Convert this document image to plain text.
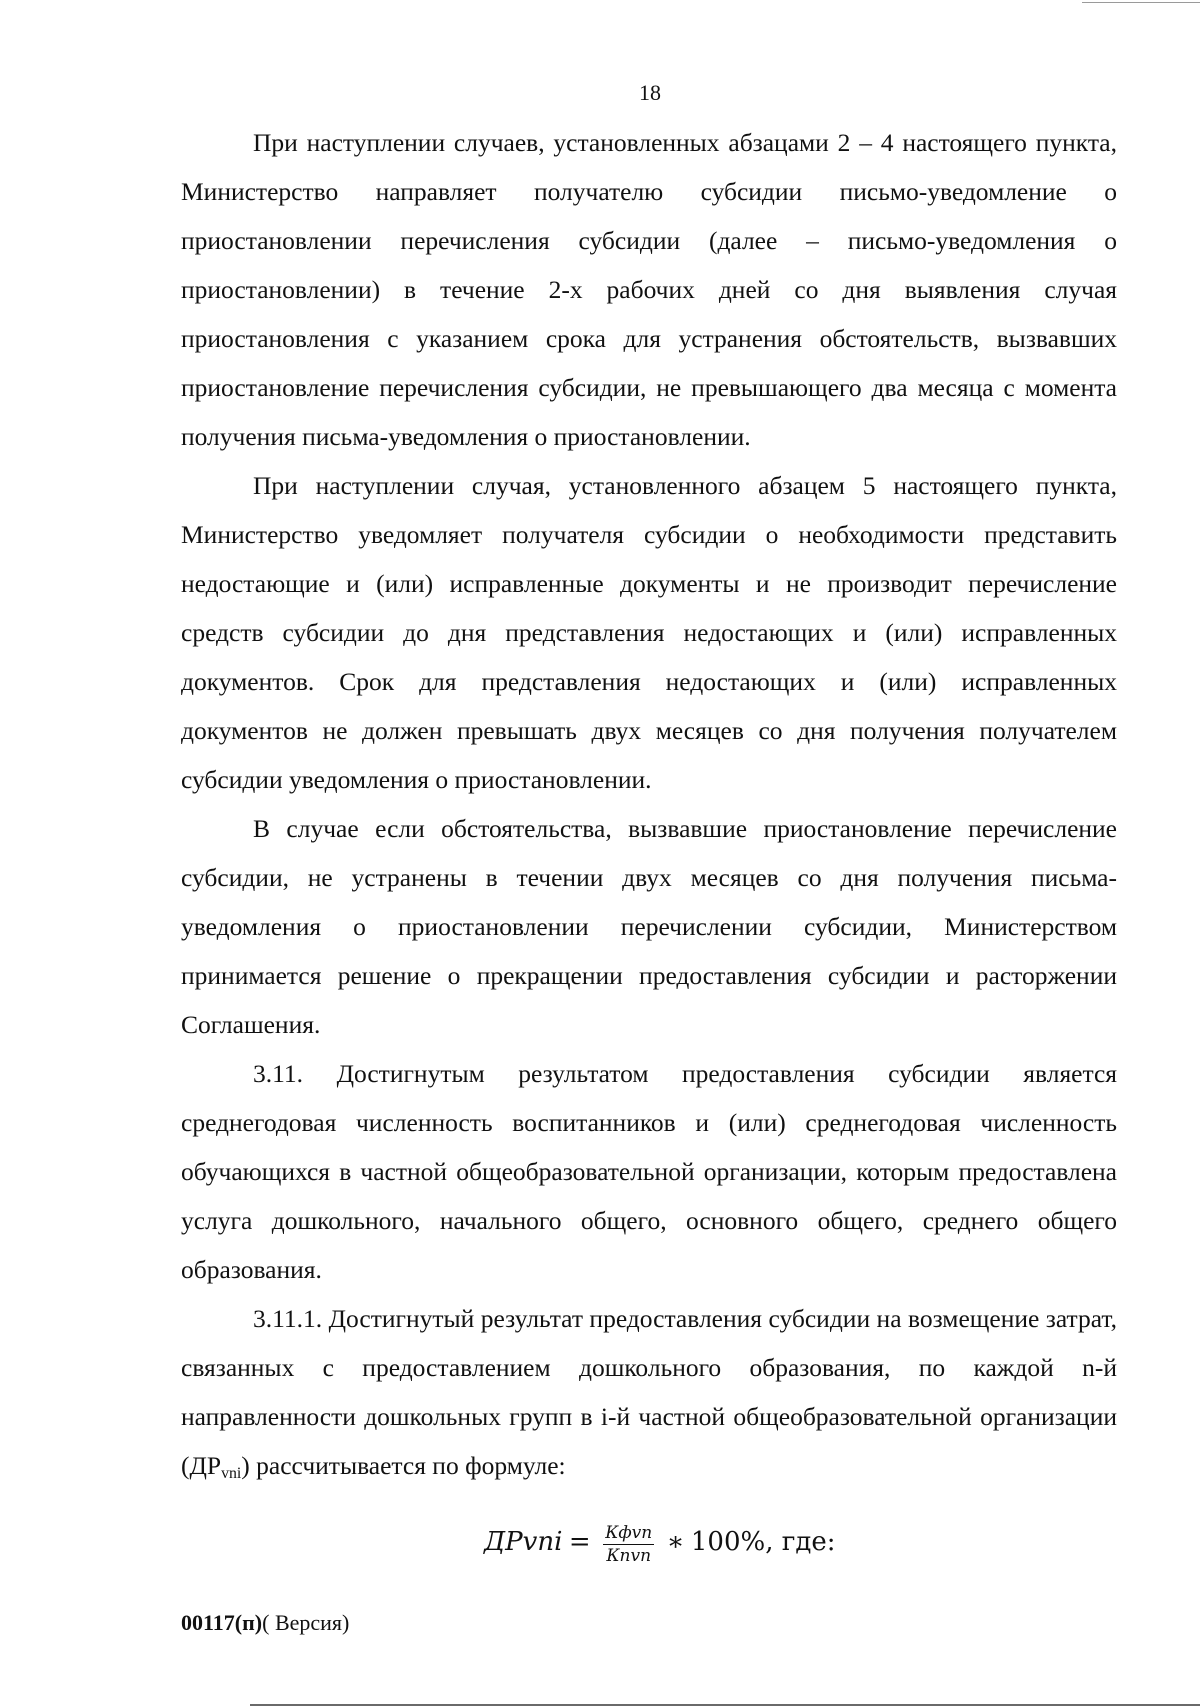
18

При наступлении случаев, установленных абзацами 2 – 4 настоящего пункта, Министерство направляет получателю субсидии письмо-уведомление о приостановлении перечисления субсидии (далее – письмо-уведомления о приостановлении) в течение 2-х рабочих дней со дня выявления случая приостановления с указанием срока для устранения обстоятельств, вызвавших приостановление перечисления субсидии, не превышающего два месяца с момента получения письма-уведомления о приостановлении.

При наступлении случая, установленного абзацем 5 настоящего пункта, Министерство уведомляет получателя субсидии о необходимости представить недостающие и (или) исправленные документы и не производит перечисление средств субсидии до дня представления недостающих и (или) исправленных документов. Срок для представления недостающих и (или) исправленных документов не должен превышать двух месяцев со дня получения получателем субсидии уведомления о приостановлении.

В случае если обстоятельства, вызвавшие приостановление перечисление субсидии, не устранены в течении двух месяцев со дня получения письма-уведомления о приостановлении перечислении субсидии, Министерством принимается решение о прекращении предоставления субсидии и расторжении Соглашения.

3.11. Достигнутым результатом предоставления субсидии является среднегодовая численность воспитанников и (или) среднегодовая численность обучающихся в частной общеобразовательной организации, которым предоставлена услуга дошкольного, начального общего, основного общего, среднего общего образования.

3.11.1. Достигнутый результат предоставления субсидии на возмещение затрат, связанных с предоставлением дошкольного образования, по каждой n-й направленности дошкольных групп в i-й частной общеобразовательной организации $(ДР_{vni})$ рассчитывается по формуле:

ДРvni = $\frac{\text{Кфvn}}{\text{Кпvn}}$ ∗ 100%, где:
00117(п)( Версия)
